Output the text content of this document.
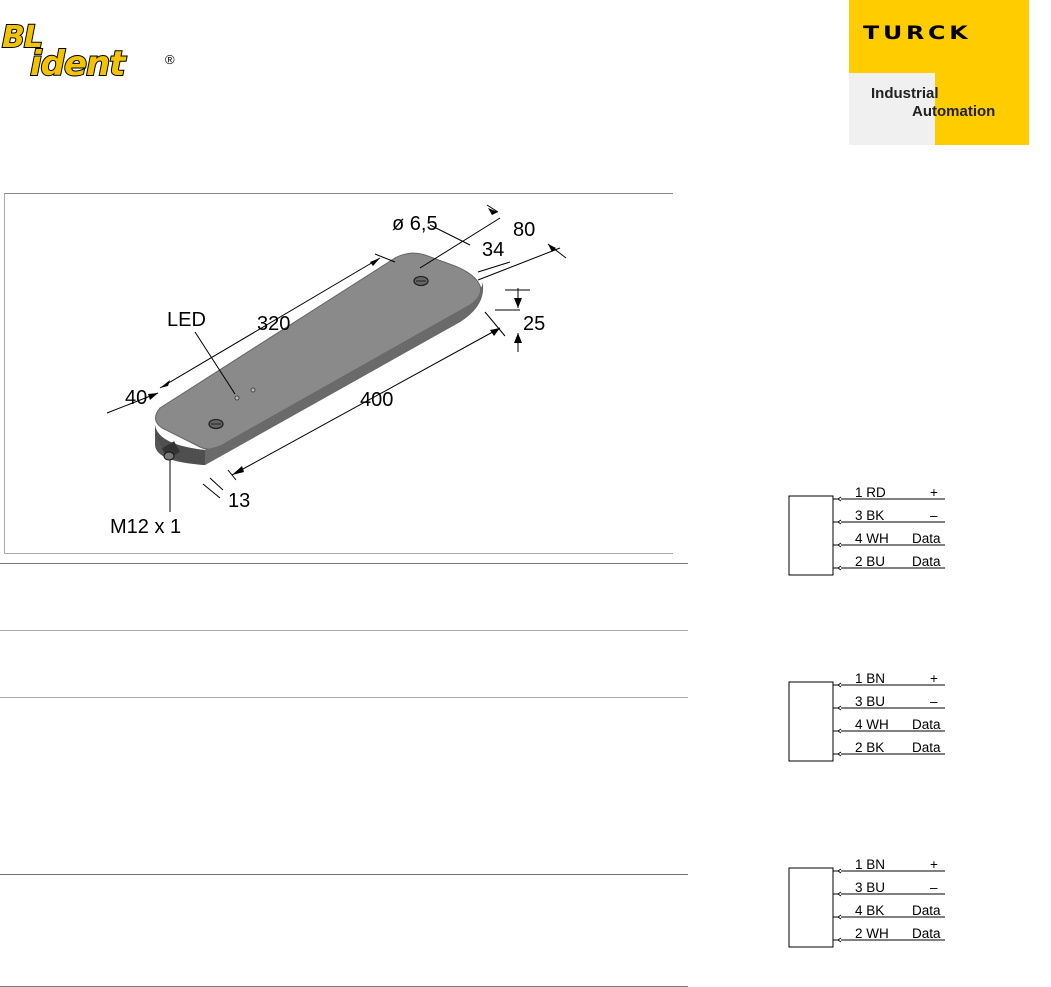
BL
ident	®
TURCK
Industrial
Automation
ø 6,5	80
34
25
320
400
40
13
LED
M12 x 1
1 RD	+
3 BK	–
4 WH Data
2 BU Data
1 BN	+
3 BU	–
4 WH Data
2 BK Data
1 BN	+
3 BU	–
4 BK Data
2 WH Data
